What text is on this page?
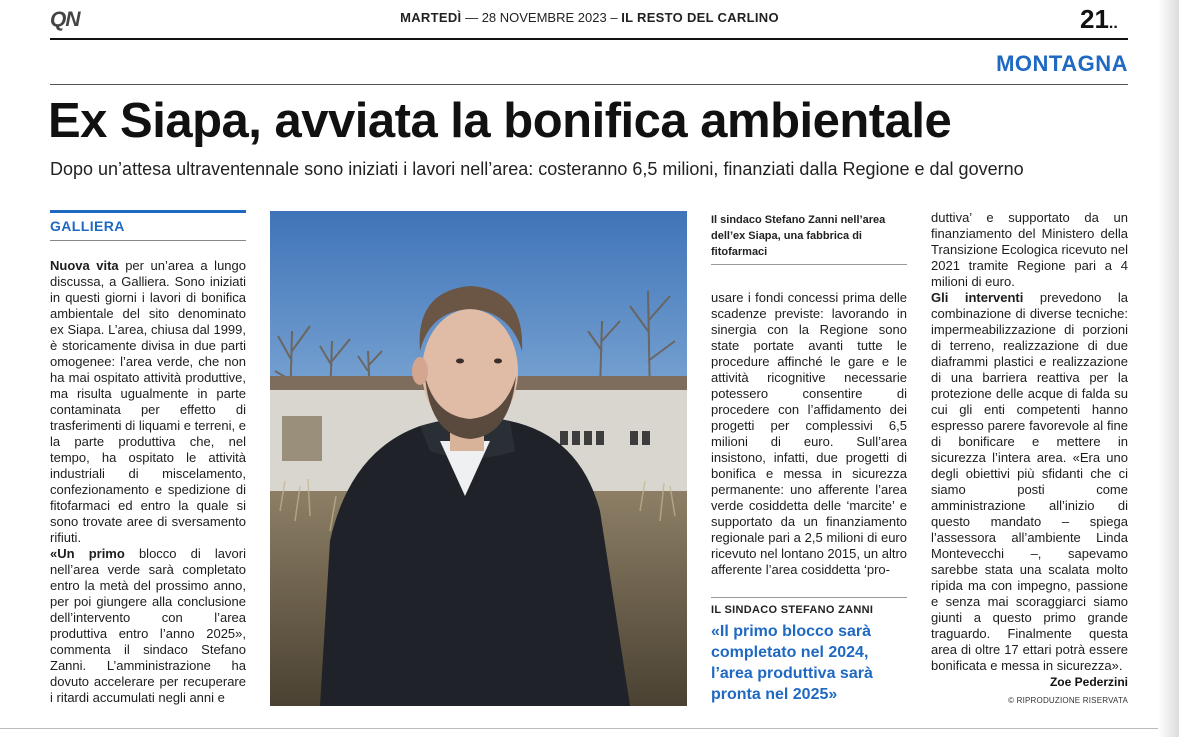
QN	MARTEDÌ — 28 NOVEMBRE 2023 – IL RESTO DEL CARLINO	21..
MONTAGNA
Ex Siapa, avviata la bonifica ambientale
Dopo un’attesa ultraventennale sono iniziati i lavori nell’area: costeranno 6,5 milioni, finanziati dalla Regione e dal governo
GALLIERA

Nuova vita per un’area a lungo discussa, a Galliera. Sono iniziati in questi giorni i lavori di bonifica ambientale del sito denominato ex Siapa. L’area, chiusa dal 1999, è storicamente divisa in due parti omogenee: l’area verde, che non ha mai ospitato attività produttive, ma risulta ugualmente in parte contaminata per effetto di trasferimenti di liquami e terreni, e la parte produttiva che, nel tempo, ha ospitato le attività industriali di miscelamento, confezionamento e spedizione di fitofarmaci ed entro la quale si sono trovate aree di sversamento rifiuti.

«Un primo blocco di lavori nell’area verde sarà completato entro la metà del prossimo anno, per poi giungere alla conclusione dell’intervento con l’area produttiva entro l’anno 2025», commenta il sindaco Stefano Zanni. L’amministrazione ha dovuto accelerare per recuperare i ritardi accumulati negli anni e

Il sindaco Stefano Zanni nell’area dell’ex Siapa, una fabbrica di fitofarmaci

usare i fondi concessi prima delle scadenze previste: lavorando in sinergia con la Regione sono state portate avanti tutte le procedure affinché le gare e le attività ricognitive necessarie potessero consentire di procedere con l’affidamento dei progetti per complessivi 6,5 milioni di euro. Sull’area insistono, infatti, due progetti di bonifica e messa in sicurezza permanente: uno afferente l’area verde cosiddetta delle ‘marcite’ e supportato da un finanziamento regionale pari a 2,5 milioni di euro ricevuto nel lontano 2015, un altro afferente l’area cosiddetta ‘pro-

IL SINDACO STEFANO ZANNI
«Il primo blocco sarà completato nel 2024, l’area produttiva sarà pronta nel 2025»

duttiva’ e supportato da un finanziamento del Ministero della Transizione Ecologica ricevuto nel 2021 tramite Regione pari a 4 milioni di euro.

Gli interventi prevedono la combinazione di diverse tecniche: impermeabilizzazione di porzioni di terreno, realizzazione di due diaframmi plastici e realizzazione di una barriera reattiva per la protezione delle acque di falda su cui gli enti competenti hanno espresso parere favorevole al fine di bonificare e mettere in sicurezza l’intera area. «Era uno degli obiettivi più sfidanti che ci siamo posti come amministrazione all’inizio di questo mandato – spiega l’assessora all’ambiente Linda Montevecchi –, sapevamo sarebbe stata una scalata molto ripida ma con impegno, passione e senza mai scoraggiarci siamo giunti a questo primo grande traguardo. Finalmente questa area di oltre 17 ettari potrà essere bonificata e messa in sicurezza».

Zoe Pederzini
© RIPRODUZIONE RISERVATA
